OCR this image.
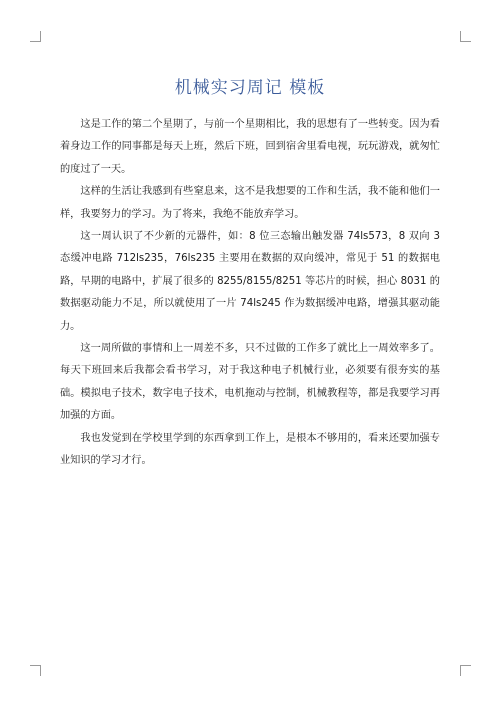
机械实习周记 模板

这是工作的第二个星期了，与前一个星期相比，我的思想有了一些转变。因为看着身边工作的同事都是每天上班，然后下班，回到宿舍里看电视，玩玩游戏，就匆忙的度过了一天。

这样的生活让我感到有些窒息来，这不是我想要的工作和生活，我不能和他们一样，我要努力的学习。为了将来，我绝不能放弃学习。

这一周认识了不少新的元器件，如：8 位三态输出触发器 74ls573，8 双向 3 态缓冲电路 712ls235，76ls235 主要用在数据的双向缓冲，常见于 51 的数据电路，早期的电路中，扩展了很多的 8255/8155/8251 等芯片的时候，担心 8031 的数据驱动能力不足，所以就使用了一片 74ls245 作为数据缓冲电路，增强其驱动能力。

这一周所做的事情和上一周差不多，只不过做的工作多了就比上一周效率多了。每天下班回来后我都会看书学习，对于我这种电子机械行业，必须要有很夯实的基础。模拟电子技术，数字电子技术，电机拖动与控制，机械教程等，都是我要学习再加强的方面。

我也发觉到在学校里学到的东西拿到工作上，是根本不够用的，看来还要加强专业知识的学习才行。
